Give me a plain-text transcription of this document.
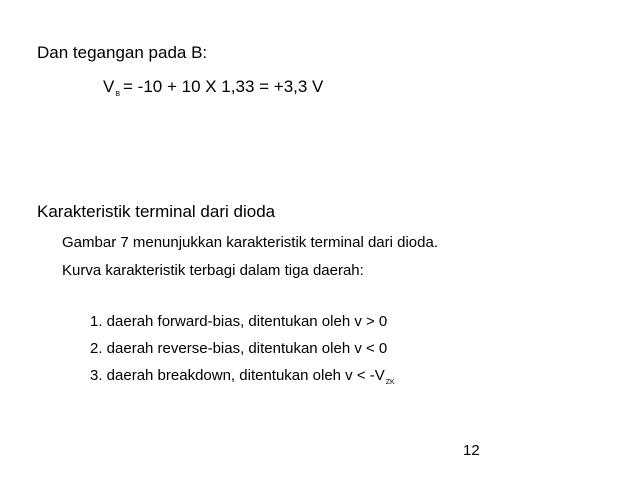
Dan tegangan pada B:
$V_B = -10 + 10$ X 1,33 = +3,3 V
Karakteristik terminal dari dioda
Gambar 7 menunjukkan karakteristik terminal dari dioda.
Kurva karakteristik terbagi dalam tiga daerah:
1. daerah forward-bias, ditentukan oleh v > 0
2. daerah reverse-bias, ditentukan oleh v < 0
3. daerah breakdown, ditentukan oleh $v < -V_{ZK}$
12
